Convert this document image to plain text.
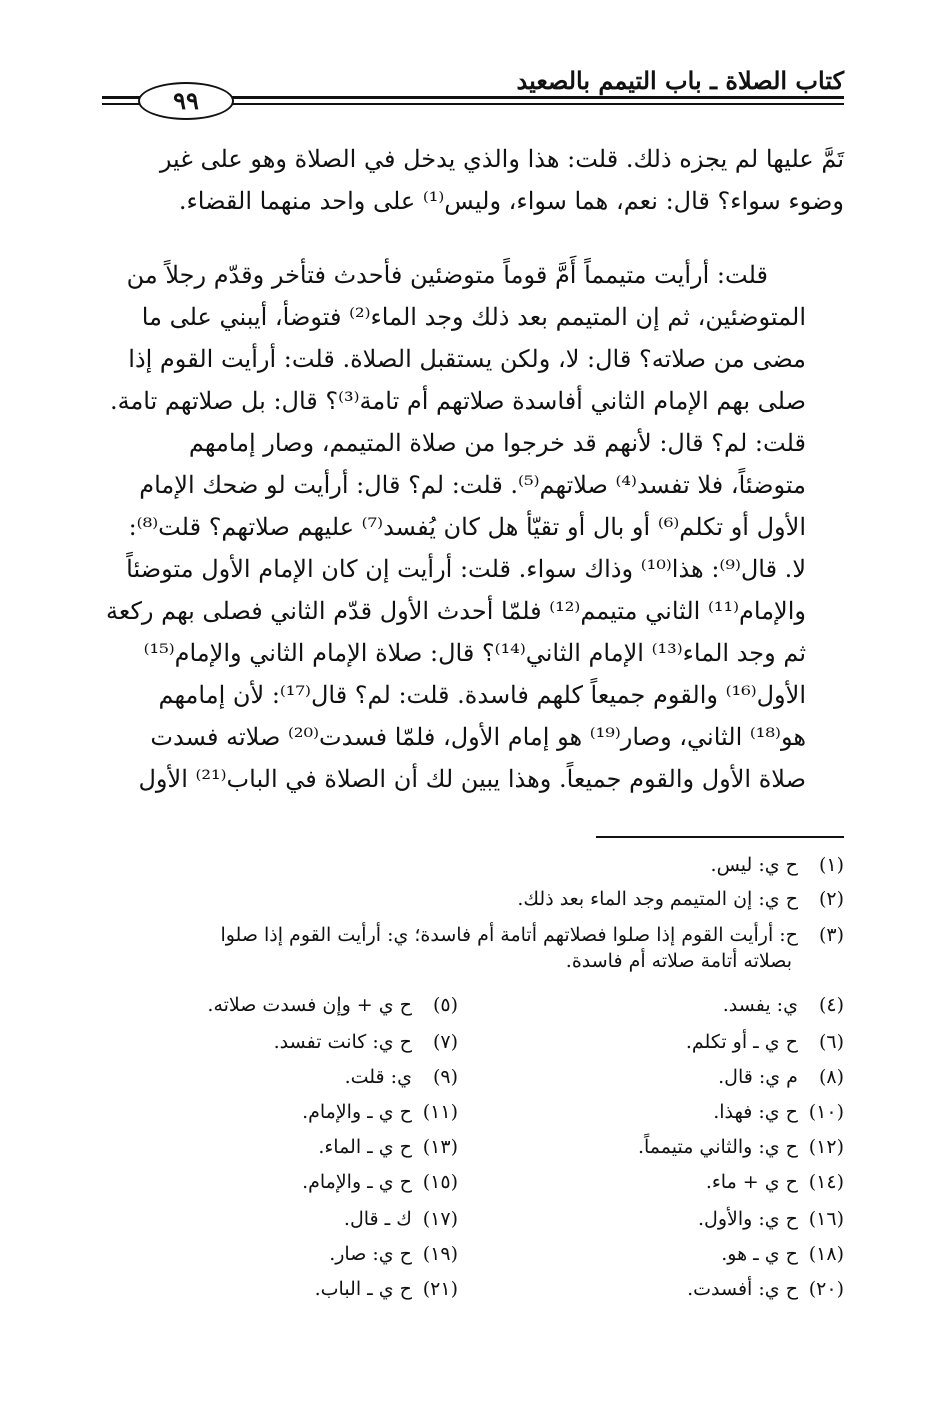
كتاب الصلاة ـ باب التيمم بالصعيد
٩٩
تَمَّ عليها لم يجزه ذلك. قلت: هذا والذي يدخل في الصلاة وهو على غير
وضوء سواء؟ قال: نعم، هما سواء، وليس⁽¹⁾ على واحد منهما القضاء.
قلت: أرأيت متيمماً أَمَّ قوماً متوضئين فأحدث فتأخر وقدّم رجلاً من
المتوضئين، ثم إن المتيمم بعد ذلك وجد الماء⁽²⁾ فتوضأ، أيبني على ما
مضى من صلاته؟ قال: لا، ولكن يستقبل الصلاة. قلت: أرأيت القوم إذا
صلى بهم الإمام الثاني أفاسدة صلاتهم أم تامة⁽³⁾؟ قال: بل صلاتهم تامة.
قلت: لم؟ قال: لأنهم قد خرجوا من صلاة المتيمم، وصار إمامهم
متوضئاً، فلا تفسد⁽⁴⁾ صلاتهم⁽⁵⁾. قلت: لم؟ قال: أرأيت لو ضحك الإمام
الأول أو تكلم⁽⁶⁾ أو بال أو تقيّأ هل كان يُفسد⁽⁷⁾ عليهم صلاتهم؟ قلت⁽⁸⁾:
لا. قال⁽⁹⁾: هذا⁽¹⁰⁾ وذاك سواء. قلت: أرأيت إن كان الإمام الأول متوضئاً
والإمام⁽¹¹⁾ الثاني متيمم⁽¹²⁾ فلمّا أحدث الأول قدّم الثاني فصلى بهم ركعة
ثم وجد الماء⁽¹³⁾ الإمام الثاني⁽¹⁴⁾؟ قال: صلاة الإمام الثاني والإمام⁽¹⁵⁾
الأول⁽¹⁶⁾ والقوم جميعاً كلهم فاسدة. قلت: لم؟ قال⁽¹⁷⁾: لأن إمامهم
هو⁽¹⁸⁾ الثاني، وصار⁽¹⁹⁾ هو إمام الأول، فلمّا فسدت⁽²⁰⁾ صلاته فسدت
صلاة الأول والقوم جميعاً. وهذا يبين لك أن الصلاة في الباب⁽²¹⁾ الأول
(١) ح ي: ليس.
(٢) ح ي: إن المتيمم وجد الماء بعد ذلك.
(٣) ح: أرأيت القوم إذا صلوا فصلاتهم أتامة أم فاسدة؛ ي: أرأيت القوم إذا صلوا
بصلاته أتامة صلاته أم فاسدة.
(٤) ي: يفسد.
(٦) ح ي ـ أو تكلم.
(٨) م ي: قال.
(١٠) ح ي: فهذا.
(١٢) ح ي: والثاني متيمماً.
(١٤) ح ي + ماء.
(١٦) ح ي: والأول.
(١٨) ح ي ـ هو.
(٢٠) ح ي: أفسدت.
(٥) ح ي + وإن فسدت صلاته.
(٧) ح ي: كانت تفسد.
(٩) ي: قلت.
(١١) ح ي ـ والإمام.
(١٣) ح ي ـ الماء.
(١٥) ح ي ـ والإمام.
(١٧) ك ـ قال.
(١٩) ح ي: صار.
(٢١) ح ي ـ الباب.
